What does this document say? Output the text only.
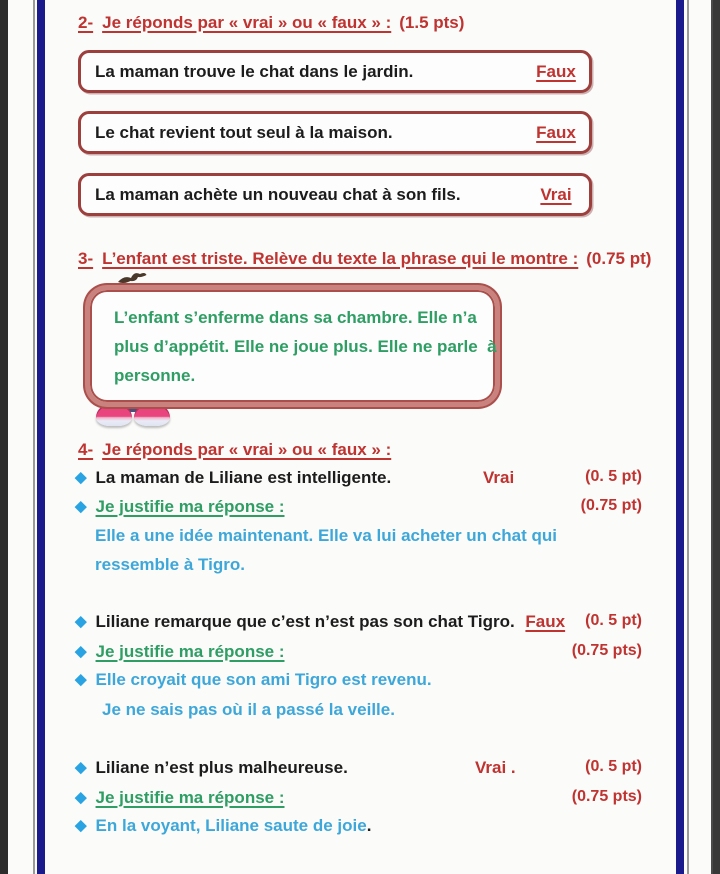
2- Je réponds par « vrai » ou « faux » : (1.5 pts)
La maman trouve le chat dans le jardin.	Faux
Le chat revient tout seul à la maison.	Faux
La maman achète un nouveau chat à son fils.	Vrai
3- L’enfant est triste. Relève du texte la phrase qui le montre : (0.75 pt)
L’enfant s’enferme dans sa chambre. Elle n’a
plus d’appétit. Elle ne joue plus. Elle ne parle  à
personne.
4- Je réponds par « vrai » ou « faux » :
◆ La maman de Liliane est intelligente.	Vrai	(0. 5 pt)
◆ Je justifie ma réponse :	(0.75 pt)
Elle a une idée maintenant. Elle va lui acheter un chat qui
ressemble à Tigro.
◆ Liliane remarque que c’est n’est pas son chat Tigro. Faux (0. 5 pt)
◆ Je justifie ma réponse :	(0.75 pts)
◆ Elle croyait que son ami Tigro est revenu.
Je ne sais pas où il a passé la veille.
◆ Liliane n’est plus malheureuse.	Vrai .	(0. 5 pt)
◆ Je justifie ma réponse :	(0.75 pts)
◆ En la voyant, Liliane saute de joie.
